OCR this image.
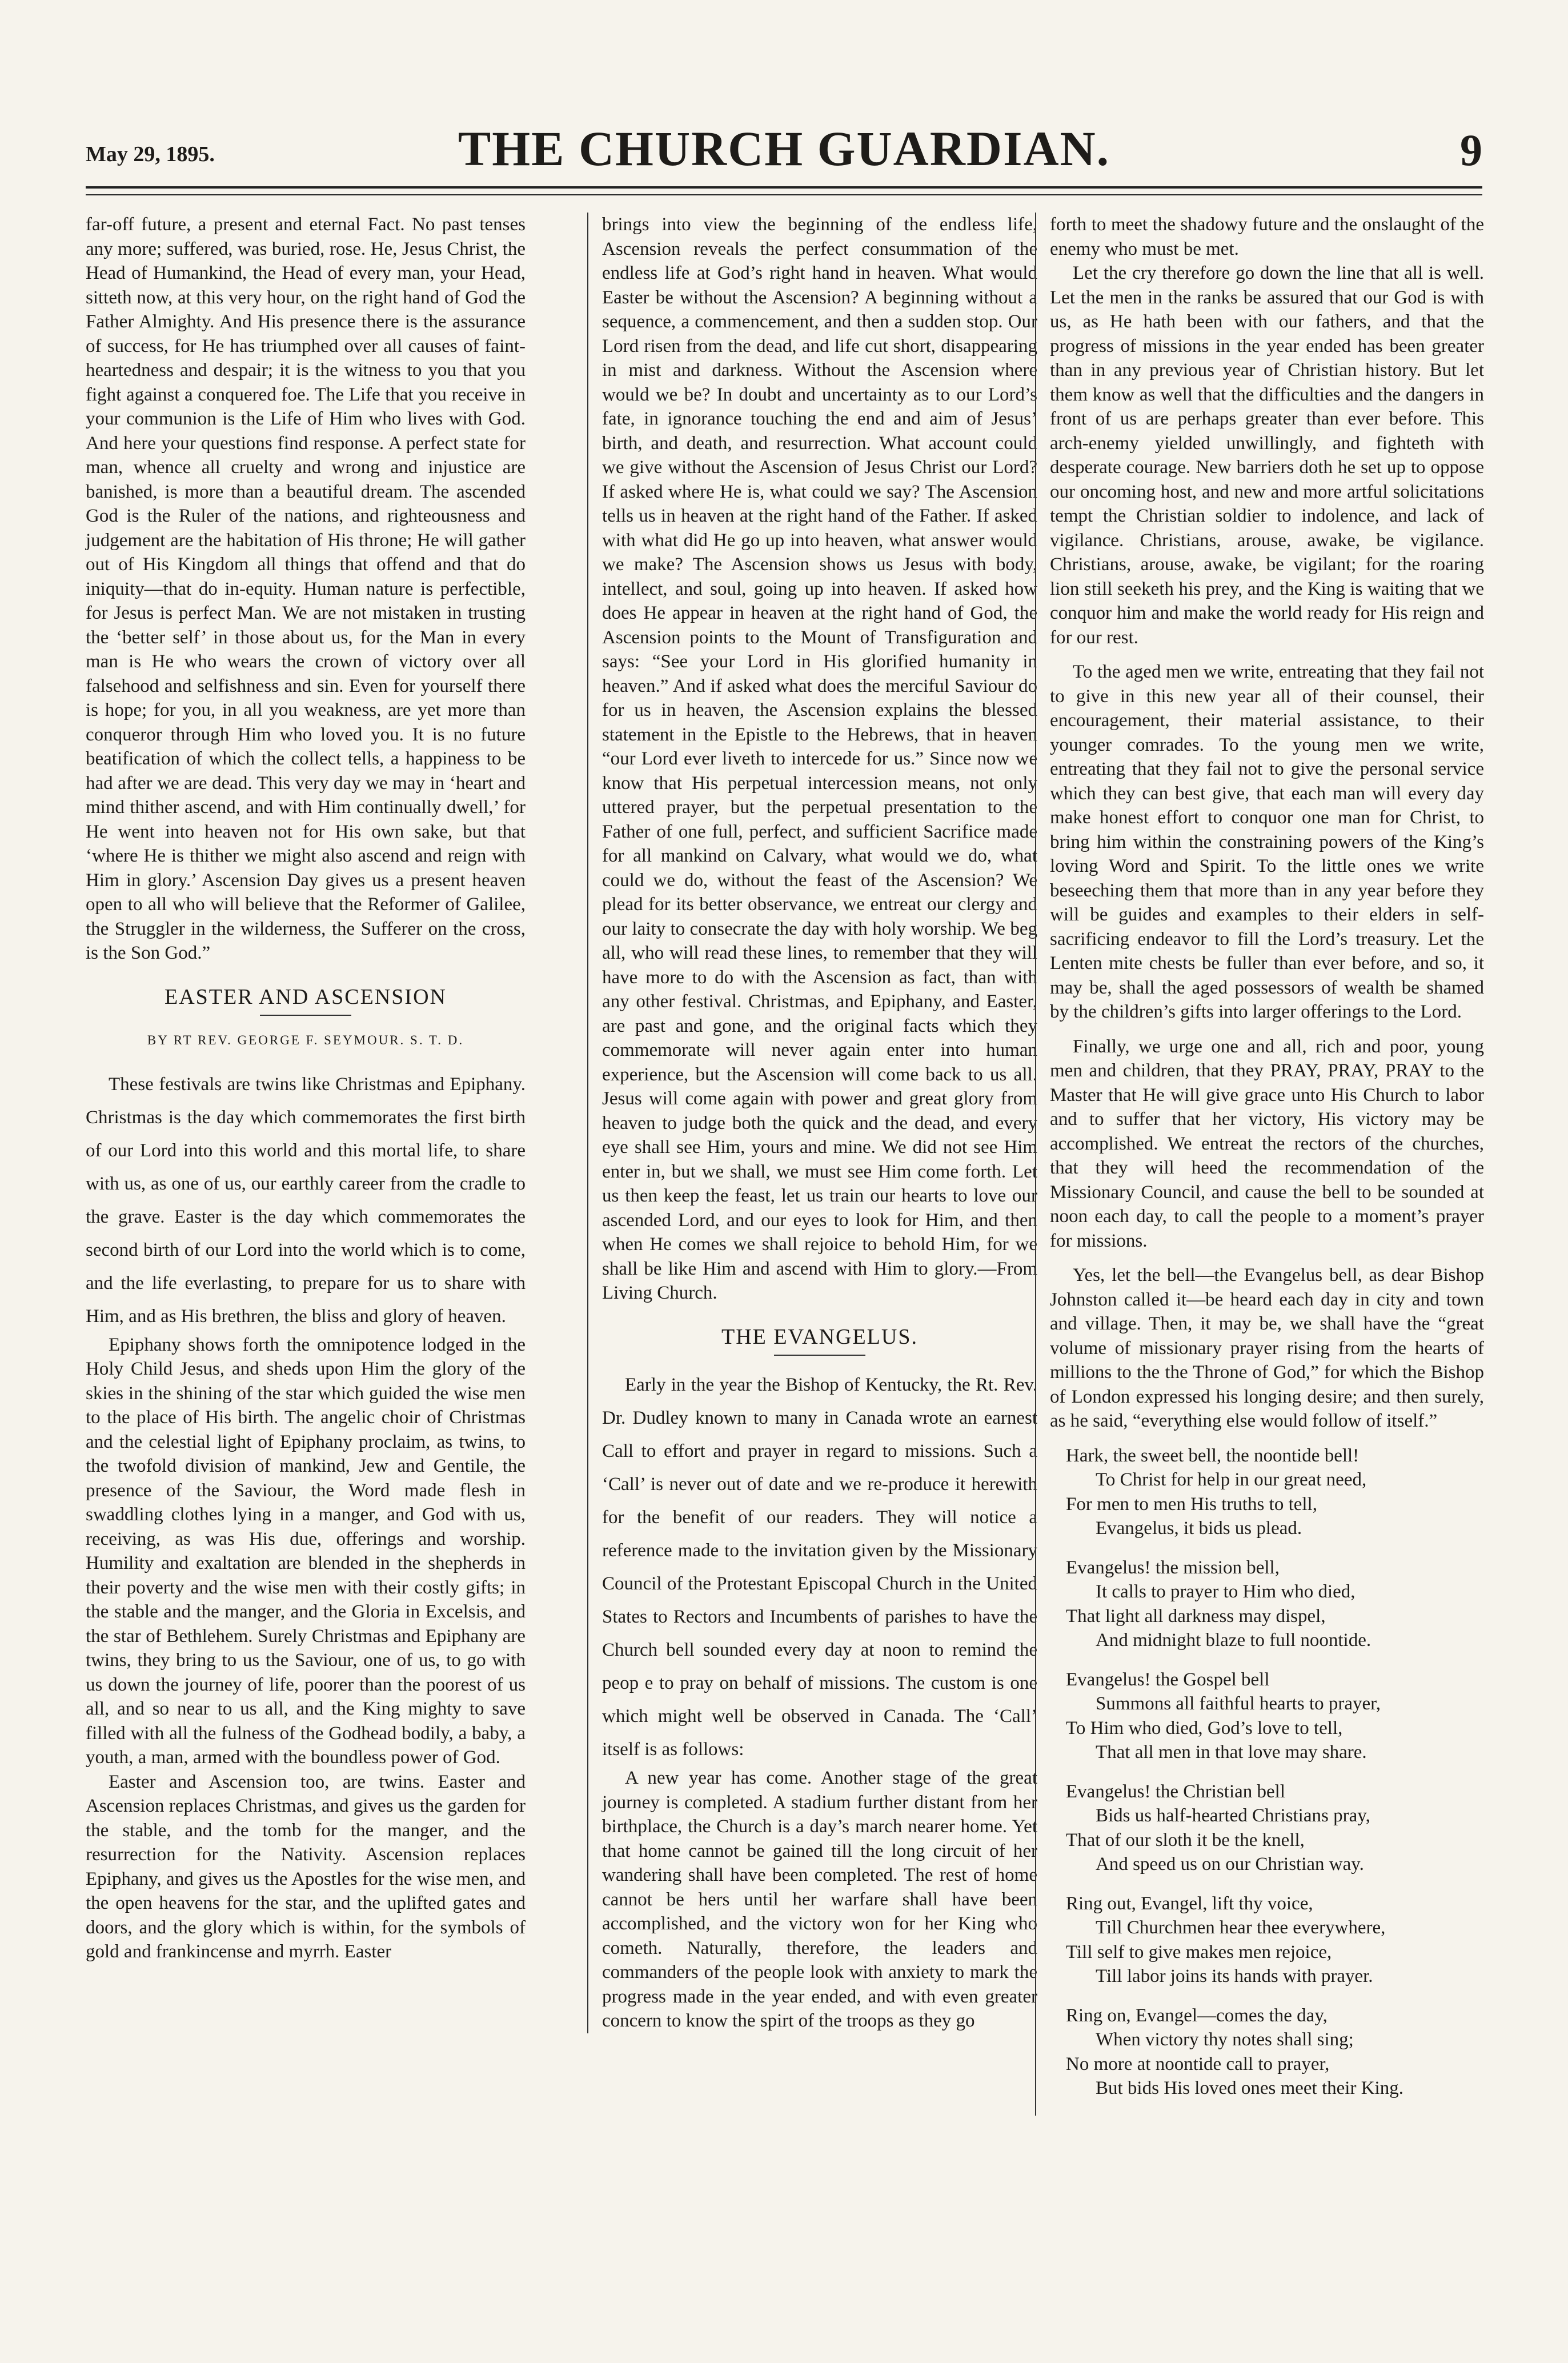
May 29, 1895.	THE CHURCH GUARDIAN.	9

far-off future, a present and eternal Fact. No past tenses any more; suffered, was buried, rose. He, Jesus Christ, the Head of Humankind, the Head of every man, your Head, sitteth now, at this very hour, on the right hand of God the Father Almighty. And His presence there is the assurance of success, for He has triumphed over all causes of faint-heartedness and despair; it is the witness to you that you fight against a conquered foe. The Life that you receive in your communion is the Life of Him who lives with God. And here your questions find response. A perfect state for man, whence all cruelty and wrong and injustice are banished, is more than a beautiful dream. The ascended God is the Ruler of the nations, and righteousness and judgement are the habitation of His throne; He will gather out of His Kingdom all things that offend and that do iniquity—that do in-equity. Human nature is perfectible, for Jesus is perfect Man. We are not mistaken in trusting the ‘better self’ in those about us, for the Man in every man is He who wears the crown of victory over all falsehood and selfishness and sin. Even for yourself there is hope; for you, in all you weakness, are yet more than conqueror through Him who loved you. It is no future beatification of which the collect tells, a happiness to be had after we are dead. This very day we may in ‘heart and mind thither ascend, and with Him continually dwell,’ for He went into heaven not for His own sake, but that ‘where He is thither we might also ascend and reign with Him in glory.’ Ascension Day gives us a present heaven open to all who will believe that the Reformer of Galilee, the Struggler in the wilderness, the Sufferer on the cross, is the Son God.”

EASTER AND ASCENSION
BY RT REV. GEORGE F. SEYMOUR. S. T. D.

These festivals are twins like Christmas and Epiphany. Christmas is the day which commemorates the first birth of our Lord into this world and this mortal life, to share with us, as one of us, our earthly career from the cradle to the grave. Easter is the day which commemorates the second birth of our Lord into the world which is to come, and the life everlasting, to prepare for us to share with Him, and as His brethren, the bliss and glory of heaven.

Epiphany shows forth the omnipotence lodged in the Holy Child Jesus, and sheds upon Him the glory of the skies in the shining of the star which guided the wise men to the place of His birth. The angelic choir of Christmas and the celestial light of Epiphany proclaim, as twins, to the twofold division of mankind, Jew and Gentile, the presence of the Saviour, the Word made flesh in swaddling clothes lying in a manger, and God with us, receiving, as was His due, offerings and worship. Humility and exaltation are blended in the shepherds in their poverty and the wise men with their costly gifts; in the stable and the manger, and the Gloria in Excelsis, and the star of Bethlehem. Surely Christmas and Epiphany are twins, they bring to us the Saviour, one of us, to go with us down the journey of life, poorer than the poorest of us all, and so near to us all, and the King mighty to save filled with all the fulness of the Godhead bodily, a baby, a youth, a man, armed with the boundless power of God.

Easter and Ascension too, are twins. Easter and Ascension replaces Christmas, and gives us the garden for the stable, and the tomb for the manger, and the resurrection for the Nativity. Ascension replaces Epiphany, and gives us the Apostles for the wise men, and the open heavens for the star, and the uplifted gates and doors, and the glory which is within, for the symbols of gold and frankincense and myrrh. Easter

brings into view the beginning of the endless life, Ascension reveals the perfect consummation of the endless life at God’s right hand in heaven. What would Easter be without the Ascension? A beginning without a sequence, a commencement, and then a sudden stop. Our Lord risen from the dead, and life cut short, disappearing in mist and darkness. Without the Ascension where would we be? In doubt and uncertainty as to our Lord’s fate, in ignorance touching the end and aim of Jesus’ birth, and death, and resurrection. What account could we give without the Ascension of Jesus Christ our Lord? If asked where He is, what could we say? The Ascension tells us in heaven at the right hand of the Father. If asked with what did He go up into heaven, what answer would we make? The Ascension shows us Jesus with body, intellect, and soul, going up into heaven. If asked how does He appear in heaven at the right hand of God, the Ascension points to the Mount of Transfiguration and says: “See your Lord in His glorified humanity in heaven.” And if asked what does the merciful Saviour do for us in heaven, the Ascension explains the blessed statement in the Epistle to the Hebrews, that in heaven “our Lord ever liveth to intercede for us.” Since now we know that His perpetual intercession means, not only uttered prayer, but the perpetual presentation to the Father of one full, perfect, and sufficient Sacrifice made for all mankind on Calvary, what would we do, what could we do, without the feast of the Ascension? We plead for its better observance, we entreat our clergy and our laity to consecrate the day with holy worship. We beg all, who will read these lines, to remember that they will have more to do with the Ascension as fact, than with any other festival. Christmas, and Epiphany, and Easter, are past and gone, and the original facts which they commemorate will never again enter into human experience, but the Ascension will come back to us all. Jesus will come again with power and great glory from heaven to judge both the quick and the dead, and every eye shall see Him, yours and mine. We did not see Him enter in, but we shall, we must see Him come forth. Let us then keep the feast, let us train our hearts to love our ascended Lord, and our eyes to look for Him, and then when He comes we shall rejoice to behold Him, for we shall be like Him and ascend with Him to glory.—From Living Church.

THE EVANGELUS.

Early in the year the Bishop of Kentucky, the Rt. Rev. Dr. Dudley known to many in Canada wrote an earnest Call to effort and prayer in regard to missions. Such a ‘Call’ is never out of date and we re-produce it herewith for the benefit of our readers. They will notice a reference made to the invitation given by the Missionary Council of the Protestant Episcopal Church in the United States to Rectors and Incumbents of parishes to have the Church bell sounded every day at noon to remind the peop e to pray on behalf of missions. The custom is one which might well be observed in Canada. The ‘Call’ itself is as follows:

A new year has come. Another stage of the great journey is completed. A stadium further distant from her birthplace, the Church is a day’s march nearer home. Yet that home cannot be gained till the long circuit of her wandering shall have been completed. The rest of home cannot be hers until her warfare shall have been accomplished, and the victory won for her King who cometh. Naturally, therefore, the leaders and commanders of the people look with anxiety to mark the progress made in the year ended, and with even greater concern to know the spirt of the troops as they go

forth to meet the shadowy future and the onslaught of the enemy who must be met.

Let the cry therefore go down the line that all is well. Let the men in the ranks be assured that our God is with us, as He hath been with our fathers, and that the progress of missions in the year ended has been greater than in any previous year of Christian history. But let them know as well that the difficulties and the dangers in front of us are perhaps greater than ever before. This arch-enemy yielded unwillingly, and fighteth with desperate courage. New barriers doth he set up to oppose our oncoming host, and new and more artful solicitations tempt the Christian soldier to indolence, and lack of vigilance. Christians, arouse, awake, be vigilance. Christians, arouse, awake, be vigilant; for the roaring lion still seeketh his prey, and the King is waiting that we conquor him and make the world ready for His reign and for our rest.

To the aged men we write, entreating that they fail not to give in this new year all of their counsel, their encouragement, their material assistance, to their younger comrades. To the young men we write, entreating that they fail not to give the personal service which they can best give, that each man will every day make honest effort to conquor one man for Christ, to bring him within the constraining powers of the King’s loving Word and Spirit. To the little ones we write beseeching them that more than in any year before they will be guides and examples to their elders in self-sacrificing endeavor to fill the Lord’s treasury. Let the Lenten mite chests be fuller than ever before, and so, it may be, shall the aged possessors of wealth be shamed by the children’s gifts into larger offerings to the Lord.

Finally, we urge one and all, rich and poor, young men and children, that they PRAY, PRAY, PRAY to the Master that He will give grace unto His Church to labor and to suffer that her victory, His victory may be accomplished. We entreat the rectors of the churches, that they will heed the recommendation of the Missionary Council, and cause the bell to be sounded at noon each day, to call the people to a moment’s prayer for missions.

Yes, let the bell—the Evangelus bell, as dear Bishop Johnston called it—be heard each day in city and town and village. Then, it may be, we shall have the “great volume of missionary prayer rising from the hearts of millions to the the Throne of God,” for which the Bishop of London expressed his longing desire; and then surely, as he said, “everything else would follow of itself.”

Hark, the sweet bell, the noontide bell!
To Christ for help in our great need,
For men to men His truths to tell,
Evangelus, it bids us plead.
Evangelus! the mission bell,
It calls to prayer to Him who died,
That light all darkness may dispel,
And midnight blaze to full noontide.
Evangelus! the Gospel bell
Summons all faithful hearts to prayer,
To Him who died, God’s love to tell,
That all men in that love may share.
Evangelus! the Christian bell
Bids us half-hearted Christians pray,
That of our sloth it be the knell,
And speed us on our Christian way.
Ring out, Evangel, lift thy voice,
Till Churchmen hear thee everywhere,
Till self to give makes men rejoice,
Till labor joins its hands with prayer.
Ring on, Evangel—comes the day,
When victory thy notes shall sing;
No more at noontide call to prayer,
But bids His loved ones meet their King.
